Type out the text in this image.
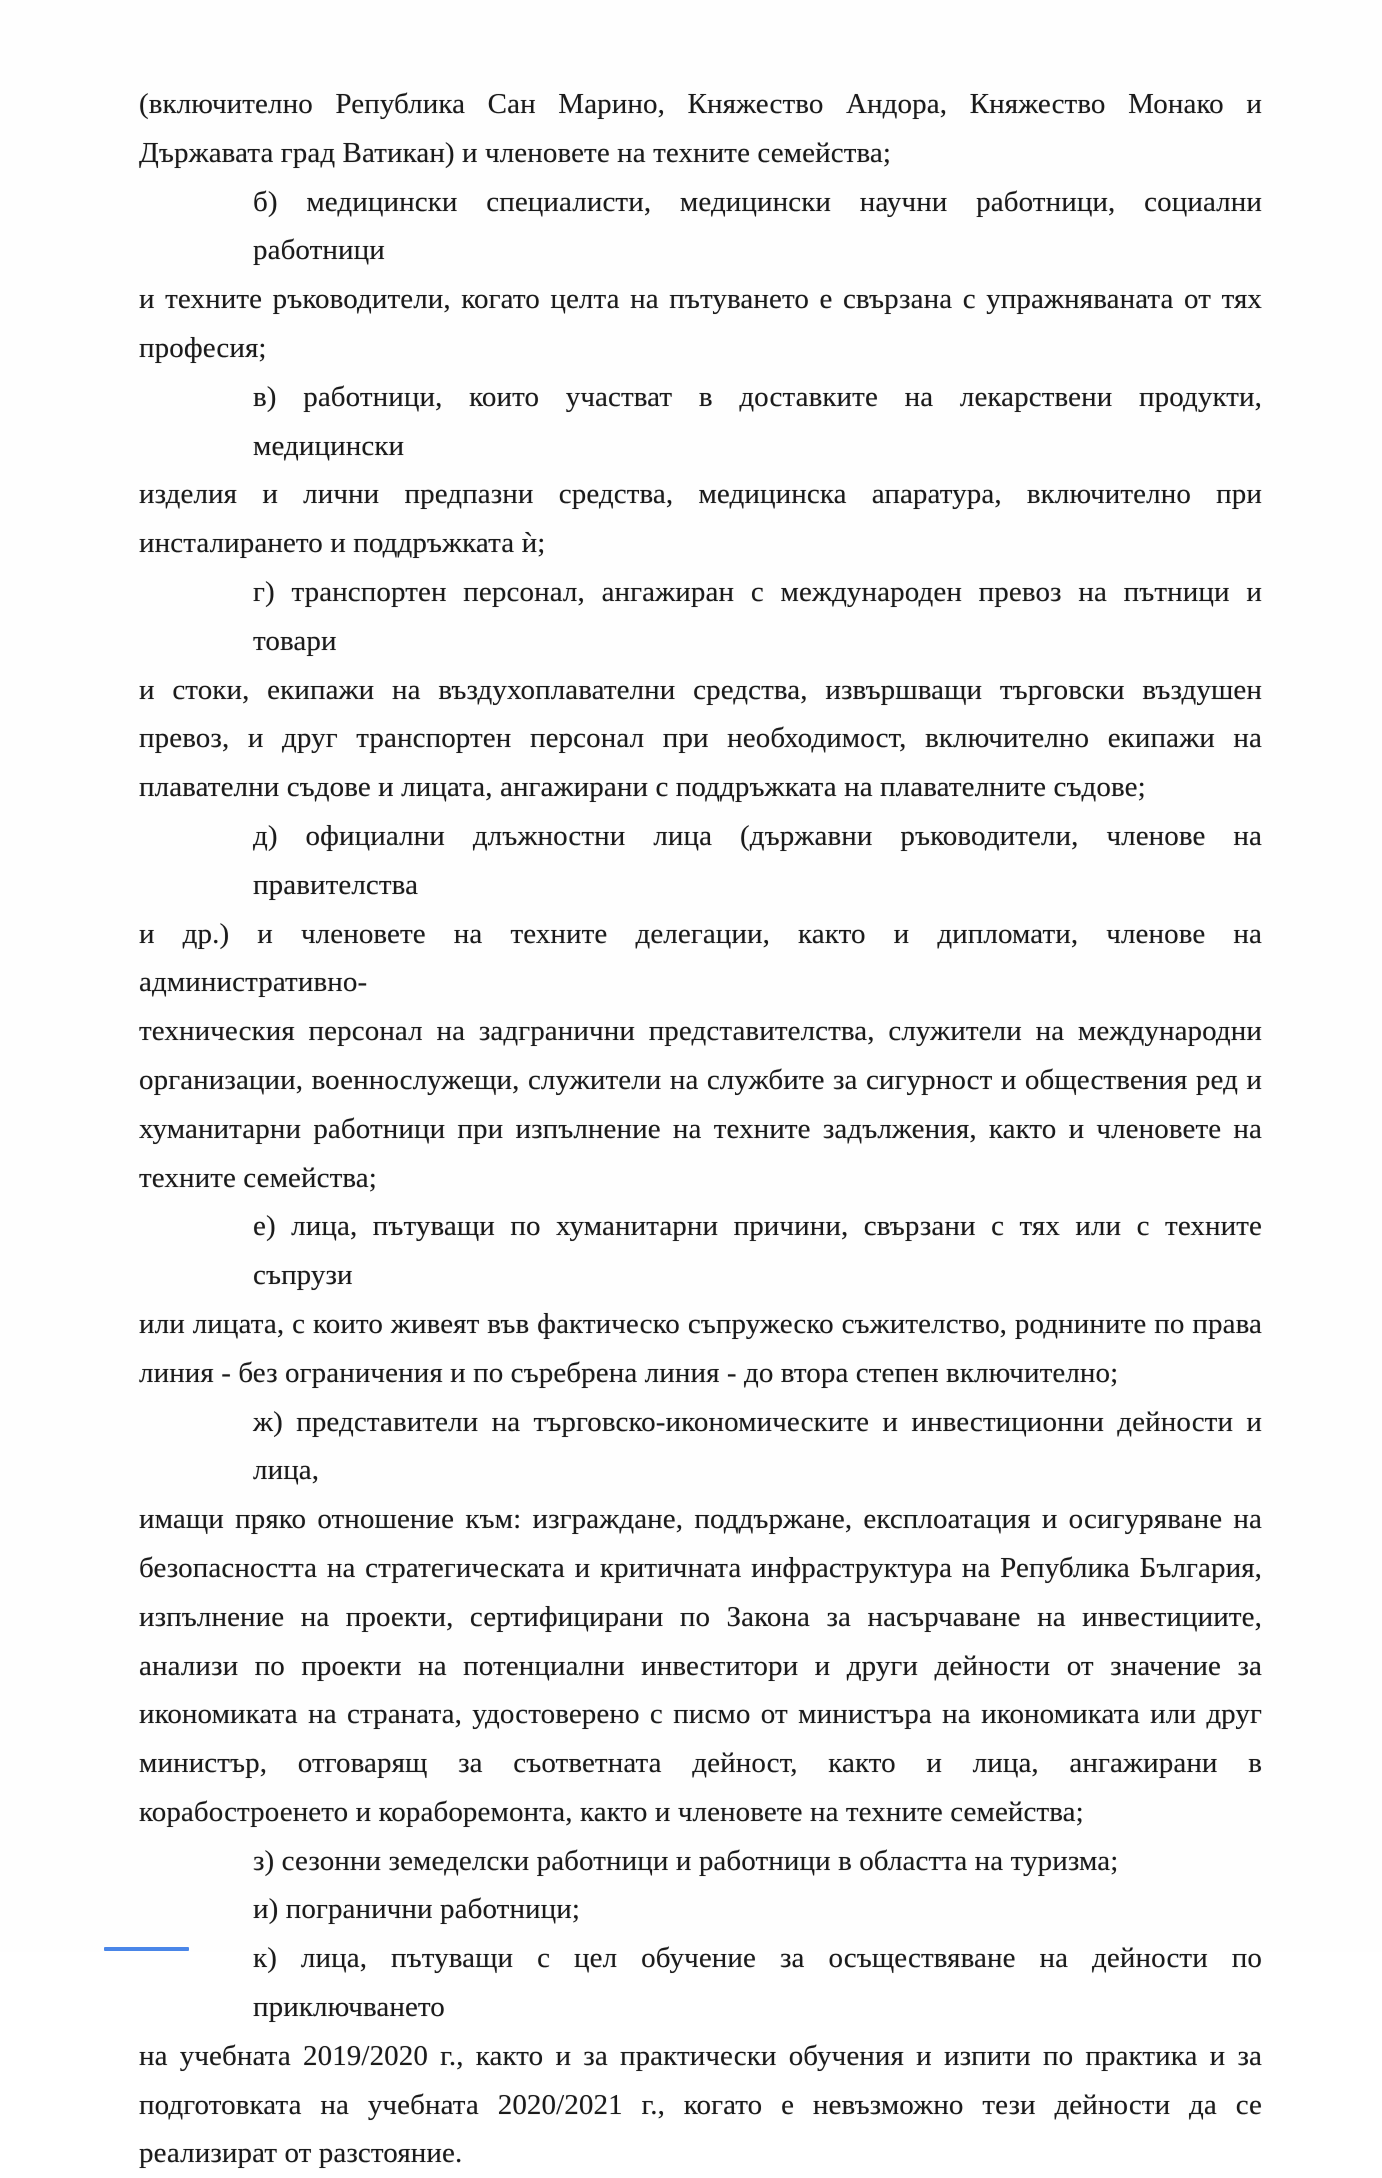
(включително Република Сан Марино, Княжество Андора, Княжество Монако и
Държавата град Ватикан) и членовете на техните семейства;
б) медицински специалисти, медицински научни работници, социални работници
и техните ръководители, когато целта на пътуването е свързана с упражняваната от тях
професия;
в) работници, които участват в доставките на лекарствени продукти, медицински
изделия и лични предпазни средства, медицинска апаратура, включително при
инсталирането и поддръжката ѝ;
г) транспортен персонал, ангажиран с международен превоз на пътници и товари
и стоки, екипажи на въздухоплавателни средства, извършващи търговски въздушен
превоз, и друг транспортен персонал при необходимост, включително екипажи на
плавателни съдове и лицата, ангажирани с поддръжката на плавателните съдове;
д) официални длъжностни лица (държавни ръководители, членове на правителства
и др.) и членовете на техните делегации, както и дипломати, членове на административно-
техническия персонал на задгранични представителства, служители на международни
организации, военнослужещи, служители на службите за сигурност и обществения ред и
хуманитарни работници при изпълнение на техните задължения, както и членовете на
техните семейства;
е) лица, пътуващи по хуманитарни причини, свързани с тях или с техните съпрузи
или лицата, с които живеят във фактическо съпружеско съжителство, роднините по права
линия - без ограничения и по съребрена линия - до втора степен включително;
ж) представители на търговско-икономическите и инвестиционни дейности и лица,
имащи пряко отношение към: изграждане, поддържане, експлоатация и осигуряване на
безопасността на стратегическата и критичната инфраструктура на Република България,
изпълнение на проекти, сертифицирани по Закона за насърчаване на инвестициите,
анализи по проекти на потенциални инвеститори и други дейности от значение за
икономиката на страната, удостоверено с писмо от министъра на икономиката или друг
министър, отговарящ за съответната дейност, както и лица, ангажирани в
корабостроенето и кораборемонта, както и членовете на техните семейства;
з) сезонни земеделски работници и работници в областта на туризма;
и) погранични работници;
к) лица, пътуващи с цел обучение за осъществяване на дейности по приключването
на учебната 2019/2020 г., както и за практически обучения и изпити по практика и за
подготовката на учебната 2020/2021 г., когато е невъзможно тези дейности да се
реализират от разстояние.
